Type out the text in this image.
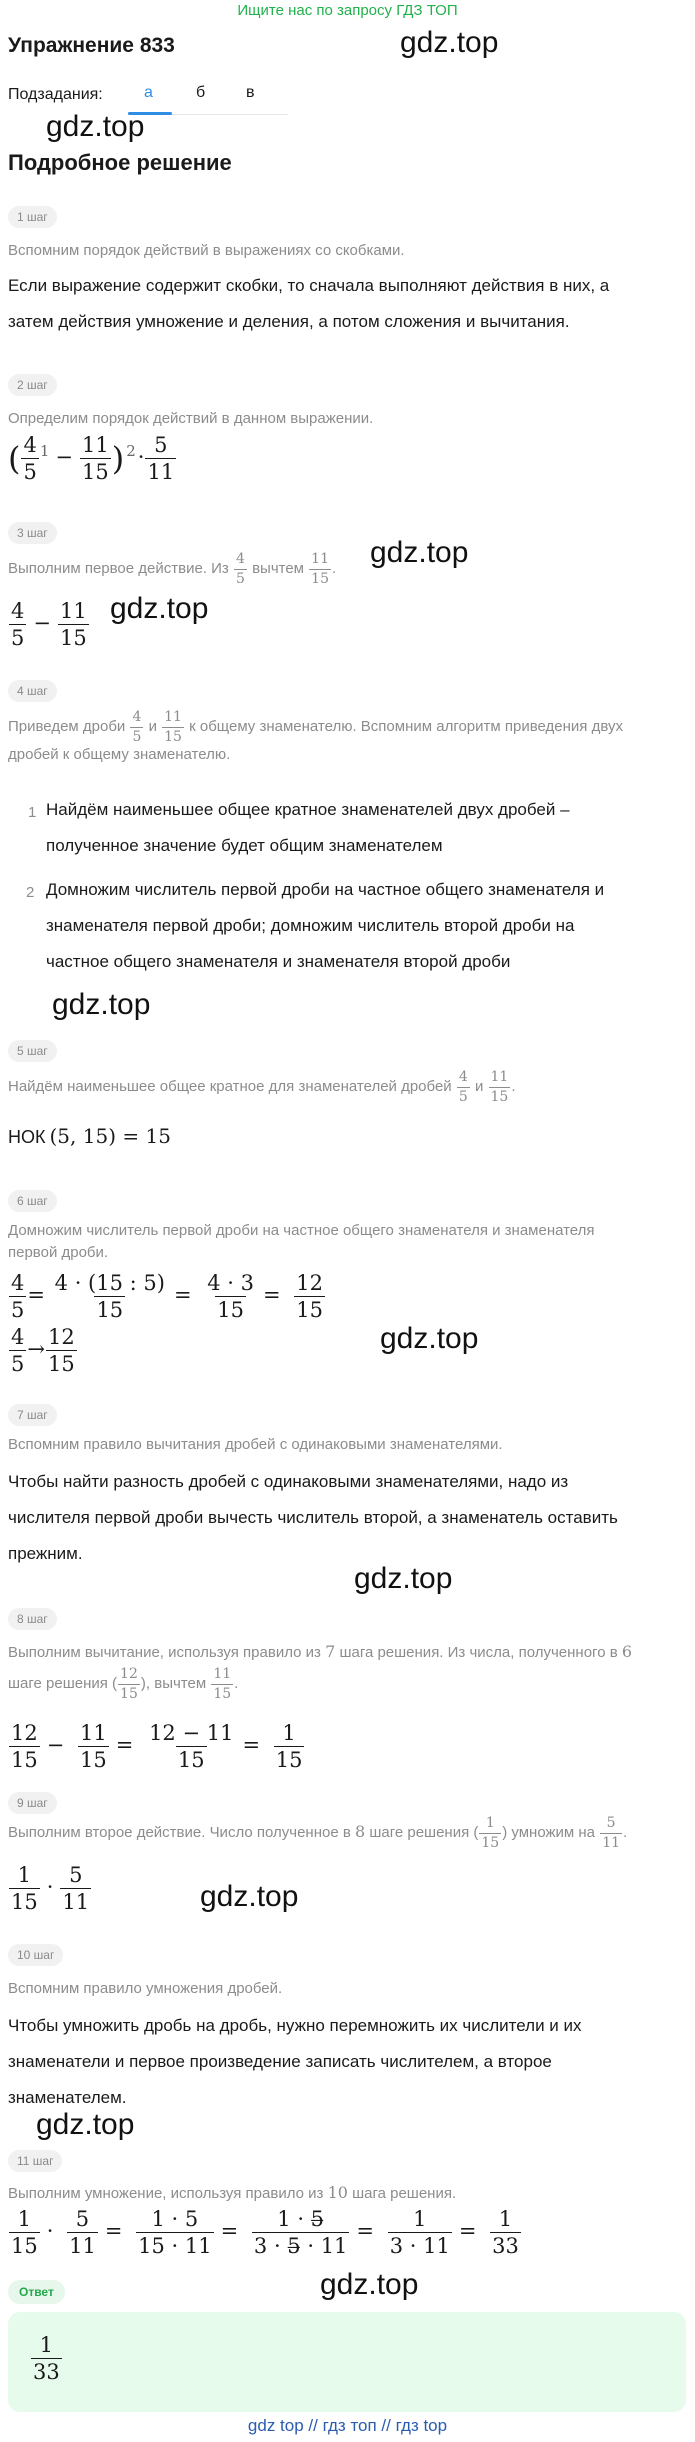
Ищите нас по запросу ГДЗ ТОП
Упражнение 833	gdz.top
Подзадания:	а	б	в
gdz.top
Подробное решение
1 шаг
Вспомним порядок действий в выражениях со скобками.
Если выражение содержит скобки, то сначала выполняют действия в них, а
затем действия умножение и деления, а потом сложения и вычитания.
2 шаг
Определим порядок действий в данном выражении.
( $\frac{4}{5} ^1 - \frac{11}{15}$ ) $^2\cdot \frac{5}{11}$
3 шаг
Выполним первое действие. Из $\frac{4}{5}$ вычтем $\frac{11}{15}$ . gdz.top
$\frac{4}{5} - \frac{11}{15} gdz.top$
4 шаг
Приведем дроби $\frac{4}{5}$ и $\frac{11}{15}$ к общему знаменателю. Вспомним алгоритм приведения двух
дробей к общему знаменателю.
1 Найдём наименьшее общее кратное знаменателей двух дробей –
полученное значение будет общим знаменателем
2 Домножим числитель первой дроби на частное общего знаменателя и
знаменателя первой дроби; домножим числитель второй дроби на
частное общего знаменателя и знаменателя второй дроби
gdz.top
5 шаг
Найдём наименьшее общее кратное для знаменателей дробей $\frac{4}{5}$ и $\frac{11}{15}$ .
НОК (5, 15) = 15
6 шаг
Домножим числитель первой дроби на частное общего знаменателя и знаменателя
первой дроби.
$\frac{4}{5} = \frac{4 \cdot (15 : 5)}{15} = \frac{4 \cdot 3}{15} = \frac{12}{15}$
$\frac{4}{5} \to \frac{12}{15}$	gdz.top
7 шаг
Вспомним правило вычитания дробей с одинаковыми знаменателями.
Чтобы найти разность дробей с одинаковыми знаменателями, надо из
числителя первой дроби вычесть числитель второй, а знаменатель оставить
прежним.
gdz.top
8 шаг
Выполним вычитание, используя правило из 7 шага решения. Из числа, полученного в 6
шаге решения ( $\frac{12}{15}$ ), вычтем $\frac{11}{15}$ .
$\frac{12}{15} - \frac{11}{15} = \frac{12 - 11}{15} = \frac{1}{15}$
9 шаг
Выполним второе действие. Число полученное в 8 шаге решения ( $\frac{1}{15}$ ) умножим на $\frac{5}{11}$ .
$\frac{1}{15} \cdot \frac{5}{11}$	gdz.top
10 шаг
Вспомним правило умножения дробей.
Чтобы умножить дробь на дробь, нужно перемножить их числители и их
знаменатели и первое произведение записать числителем, а второе
знаменателем.
gdz.top
11 шаг
Выполним умножение, используя правило из 10 шага решения.
$\frac{1}{15} \cdot \frac{5}{11} = \frac{1 \cdot 5}{15 \cdot 11} = \frac{1 \cdot 5̶}{3 \cdot 5̶ \cdot 11} = \frac{1}{3 \cdot 11} = \frac{1}{33}$
Ответ	gdz.top
$\frac{1}{33}$
gdz top // гдз топ // гдз top
